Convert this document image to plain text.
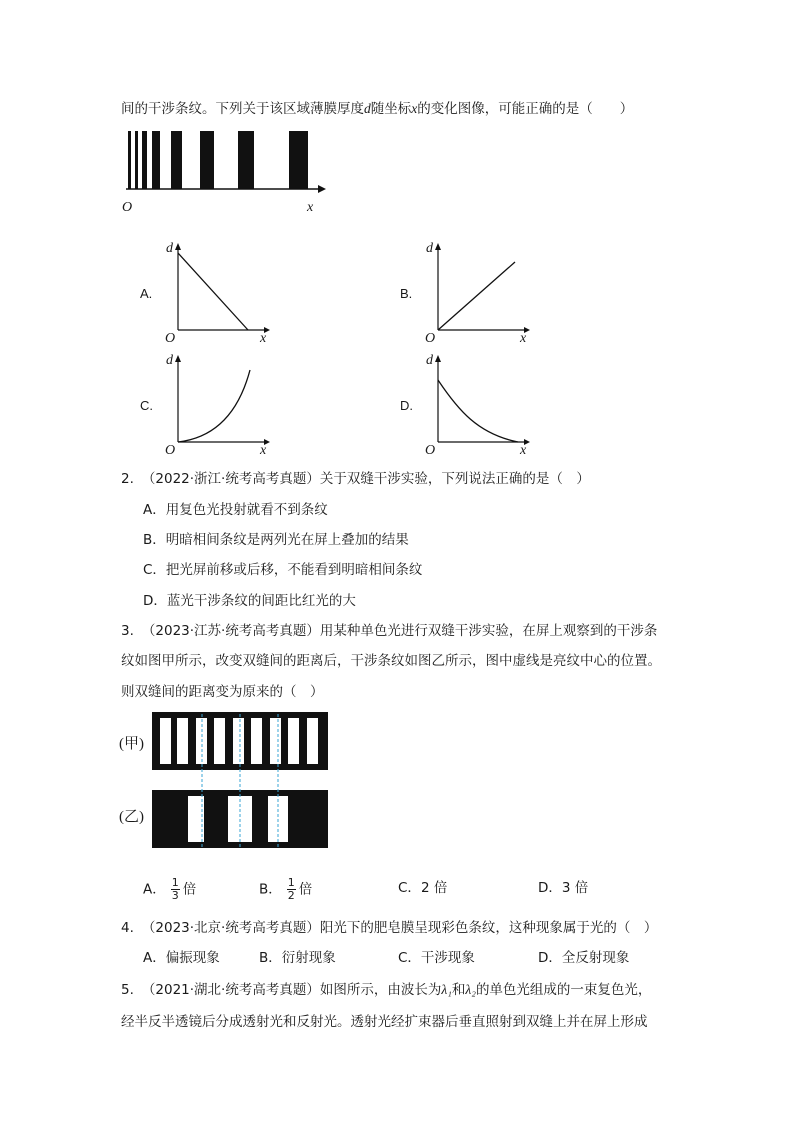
间的干涉条纹。下列关于该区域薄膜厚度d随坐标x的变化图像，可能正确的是（　　）
O	x
A.
d
x
O
B.
d
x
O
C.
d
x
O
D.
d
x
O
2. （2022·浙江·统考高考真题）关于双缝干涉实验，下列说法正确的是（　）
A．用复色光投射就看不到条纹
B．明暗相间条纹是两列光在屏上叠加的结果
C．把光屏前移或后移，不能看到明暗相间条纹
D．蓝光干涉条纹的间距比红光的大
3. （2023·江苏·统考高考真题）用某种单色光进行双缝干涉实验，在屏上观察到的干涉条
纹如图甲所示，改变双缝间的距离后，干涉条纹如图乙所示，图中虚线是亮纹中心的位置。
则双缝间的距离变为原来的（　）
(甲)
(乙)
A． $\frac{1}{3}$ 倍	B． $\frac{1}{2}$ 倍	C．2 倍	D．3 倍
4. （2023·北京·统考高考真题）阳光下的肥皂膜呈现彩色条纹，这种现象属于光的（　）
A．偏振现象	B．衍射现象	C．干涉现象	D．全反射现象
5. （2021·湖北·统考高考真题）如图所示，由波长为λ₁和λ₂的单色光组成的一束复色光，
经半反半透镜后分成透射光和反射光。透射光经扩束器后垂直照射到双缝上并在屏上形成
